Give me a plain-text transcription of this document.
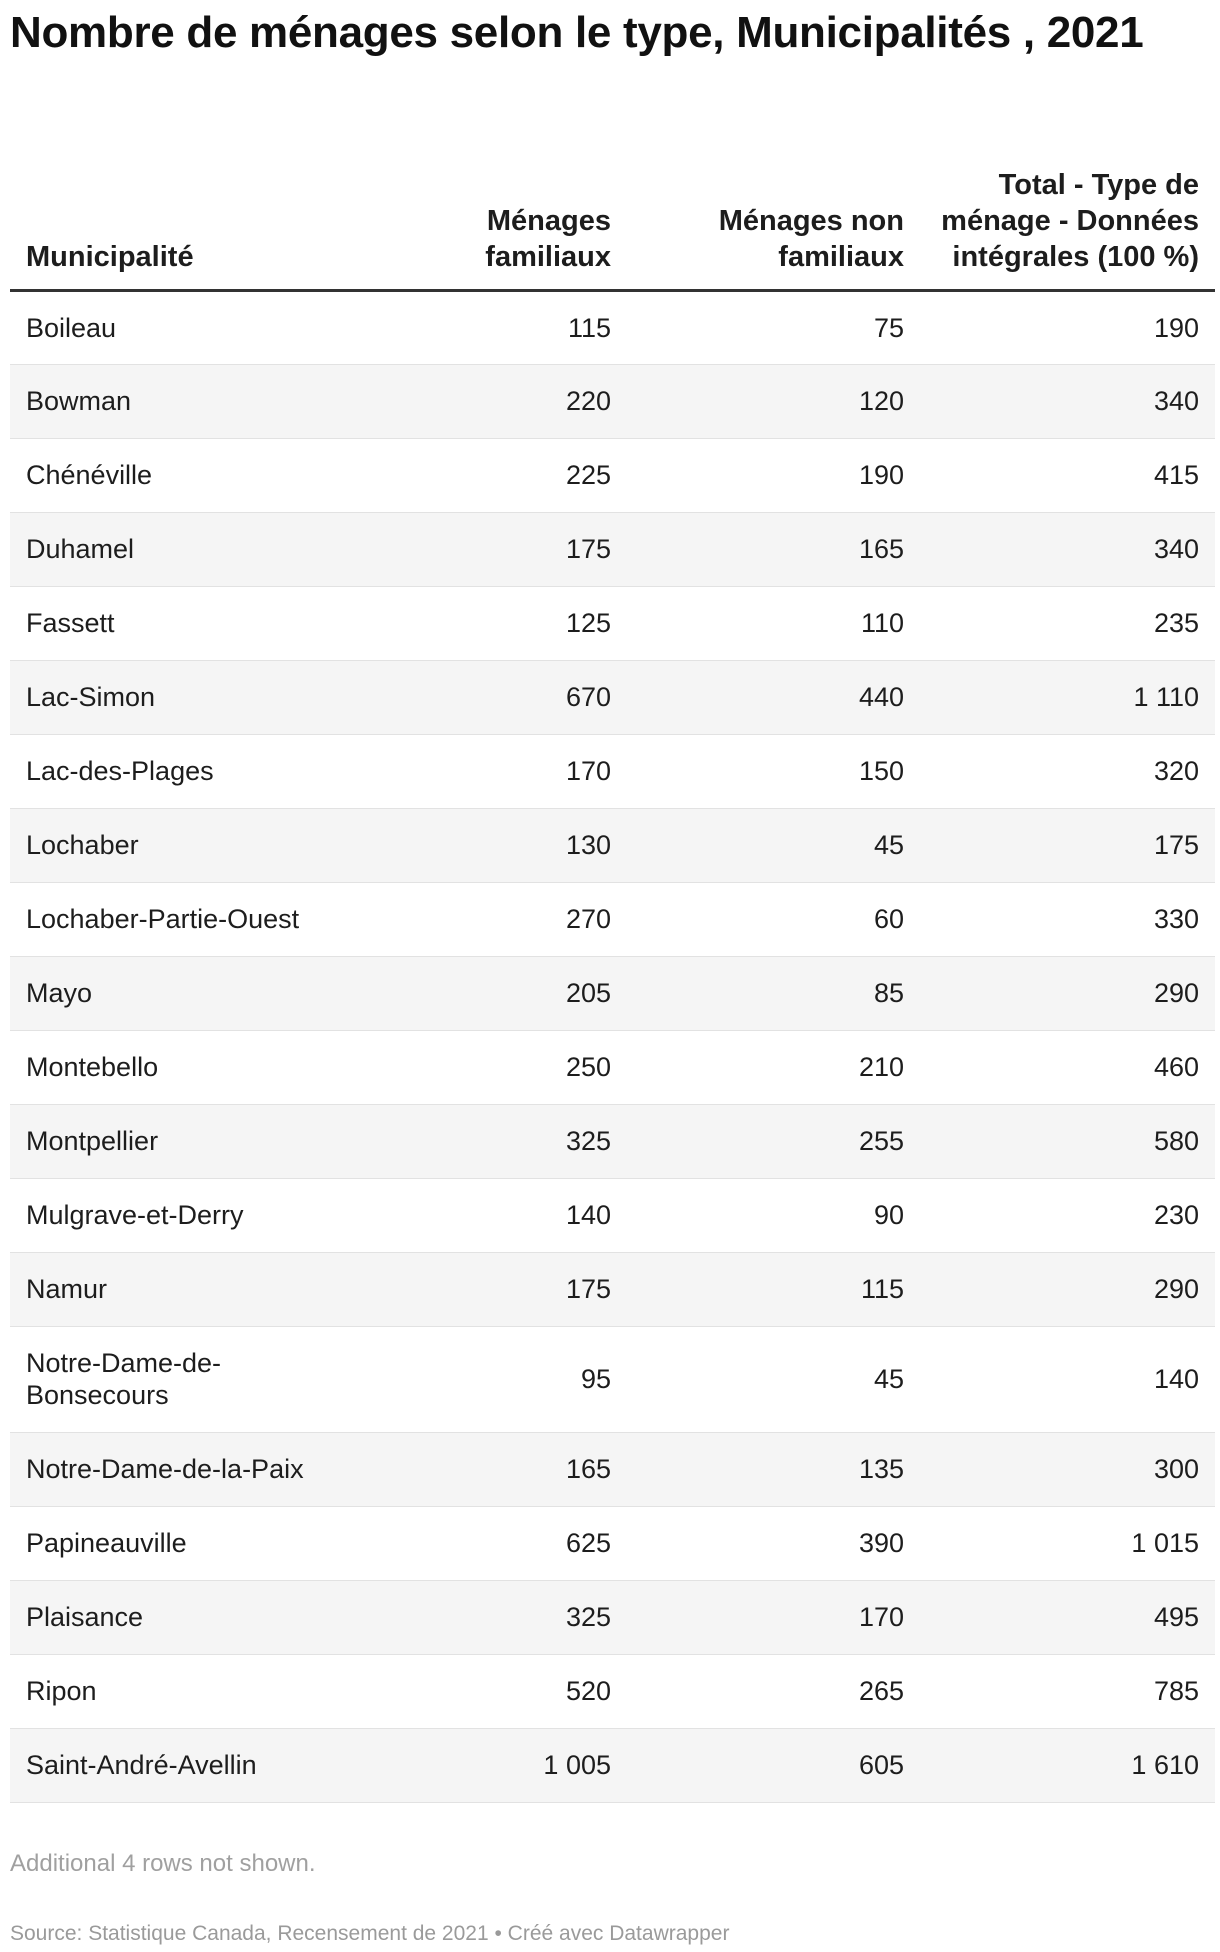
Nombre de ménages selon le type, Municipalités , 2021
Municipalité	Ménages familiaux	Ménages non familiaux	Total - Type de ménage - Données intégrales (100 %)
Boileau	115	75	190
Bowman	220	120	340
Chénéville	225	190	415
Duhamel	175	165	340
Fassett	125	110	235
Lac-Simon	670	440	1 110
Lac-des-Plages	170	150	320
Lochaber	130	45	175
Lochaber-Partie-Ouest	270	60	330
Mayo	205	85	290
Montebello	250	210	460
Montpellier	325	255	580
Mulgrave-et-Derry	140	90	230
Namur	175	115	290
Notre-Dame-de-Bonsecours	95	45	140
Notre-Dame-de-la-Paix	165	135	300
Papineauville	625	390	1 015
Plaisance	325	170	495
Ripon	520	265	785
Saint-André-Avellin	1 005	605	1 610
Additional 4 rows not shown.
Source: Statistique Canada, Recensement de 2021 • Créé avec Datawrapper
